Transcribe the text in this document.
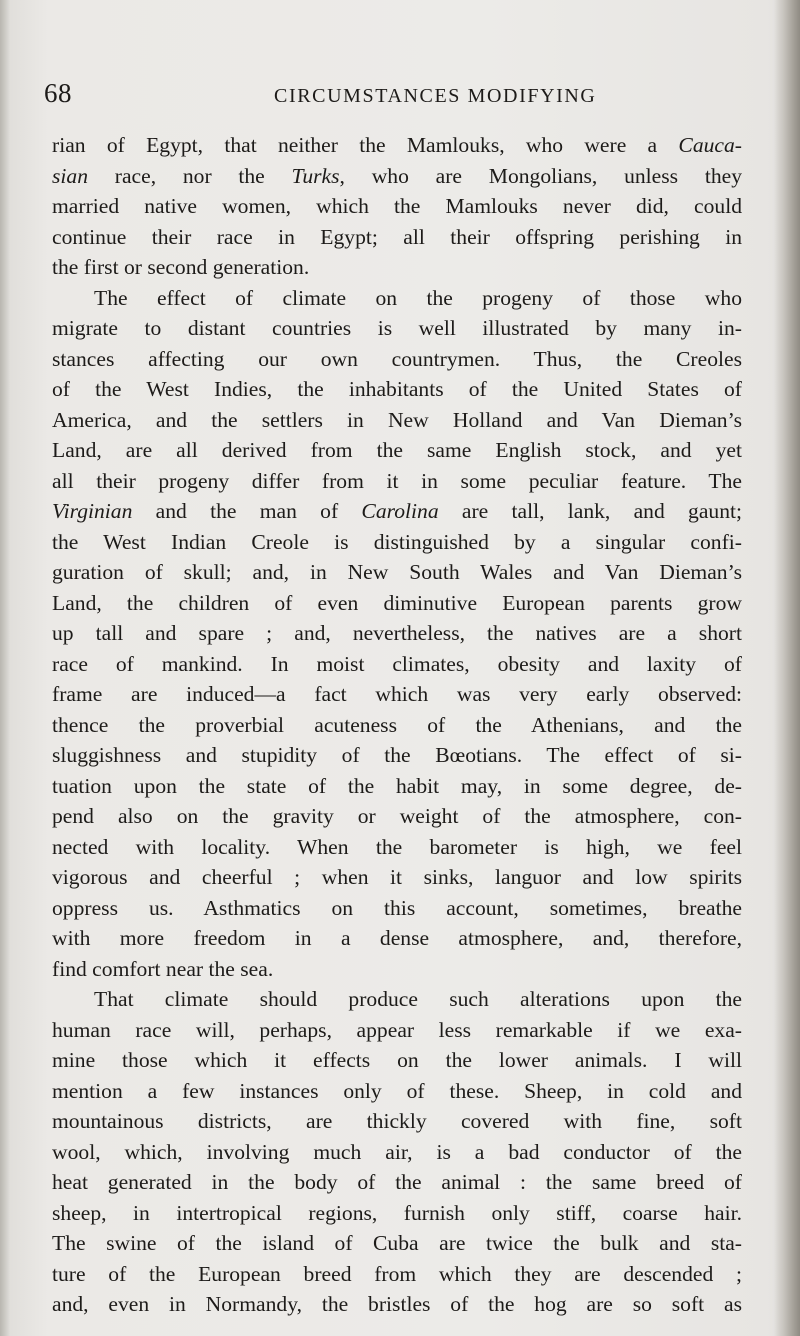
68	CIRCUMSTANCES MODIFYING
rian of Egypt, that neither the Mamlouks, who were a Cauca-
sian race, nor the Turks, who are Mongolians, unless they
married native women, which the Mamlouks never did, could
continue their race in Egypt; all their offspring perishing in
the first or second generation.
The effect of climate on the progeny of those who
migrate to distant countries is well illustrated by many in-
stances affecting our own countrymen. Thus, the Creoles
of the West Indies, the inhabitants of the United States of
America, and the settlers in New Holland and Van Dieman’s
Land, are all derived from the same English stock, and yet
all their progeny differ from it in some peculiar feature. The
Virginian and the man of Carolina are tall, lank, and gaunt;
the West Indian Creole is distinguished by a singular confi-
guration of skull; and, in New South Wales and Van Dieman’s
Land, the children of even diminutive European parents grow
up tall and spare ; and, nevertheless, the natives are a short
race of mankind. In moist climates, obesity and laxity of
frame are induced—a fact which was very early observed:
thence the proverbial acuteness of the Athenians, and the
sluggishness and stupidity of the Bœotians. The effect of si-
tuation upon the state of the habit may, in some degree, de-
pend also on the gravity or weight of the atmosphere, con-
nected with locality. When the barometer is high, we feel
vigorous and cheerful ; when it sinks, languor and low spirits
oppress us. Asthmatics on this account, sometimes, breathe
with more freedom in a dense atmosphere, and, therefore,
find comfort near the sea.
That climate should produce such alterations upon the
human race will, perhaps, appear less remarkable if we exa-
mine those which it effects on the lower animals. I will
mention a few instances only of these. Sheep, in cold and
mountainous districts, are thickly covered with fine, soft
wool, which, involving much air, is a bad conductor of the
heat generated in the body of the animal : the same breed of
sheep, in intertropical regions, furnish only stiff, coarse hair.
The swine of the island of Cuba are twice the bulk and sta-
ture of the European breed from which they are descended ;
and, even in Normandy, the bristles of the hog are so soft as
